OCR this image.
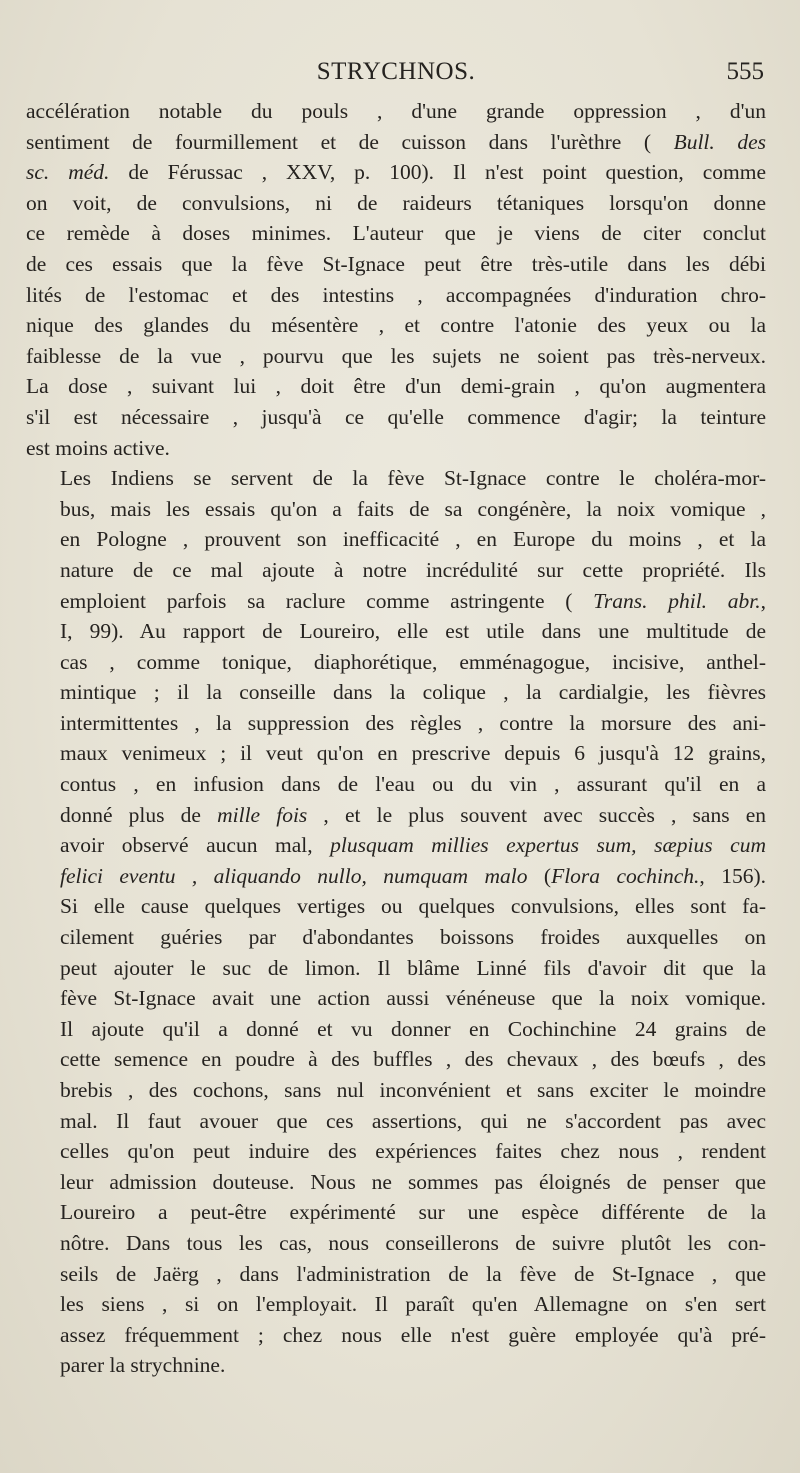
STRYCHNOS.	555

accélération notable du pouls , d'une grande oppression , d'un
sentiment de fourmillement et de cuisson dans l'urèthre ( Bull. des
sc. méd. de Férussac , XXV, p. 100). Il n'est point question, comme
on voit, de convulsions, ni de raideurs tétaniques lorsqu'on donne
ce remède à doses minimes. L'auteur que je viens de citer conclut
de ces essais que la fève St-Ignace peut être très-utile dans les débi
lités de l'estomac et des intestins , accompagnées d'induration chro-
nique des glandes du mésentère , et contre l'atonie des yeux ou la
faiblesse de la vue , pourvu que les sujets ne soient pas très-nerveux.
La dose , suivant lui , doit être d'un demi-grain , qu'on augmentera
s'il est nécessaire , jusqu'à ce qu'elle commence d'agir; la teinture
est moins active.

Les Indiens se servent de la fève St-Ignace contre le choléra-mor-
bus, mais les essais qu'on a faits de sa congénère, la noix vomique ,
en Pologne , prouvent son inefficacité , en Europe du moins , et la
nature de ce mal ajoute à notre incrédulité sur cette propriété. Ils
emploient parfois sa raclure comme astringente ( Trans. phil. abr.,
I, 99). Au rapport de Loureiro, elle est utile dans une multitude de
cas , comme tonique, diaphorétique, emménagogue, incisive, anthel-
mintique ; il la conseille dans la colique , la cardialgie, les fièvres
intermittentes , la suppression des règles , contre la morsure des ani-
maux venimeux ; il veut qu'on en prescrive depuis 6 jusqu'à 12 grains,
contus , en infusion dans de l'eau ou du vin , assurant qu'il en a
donné plus de mille fois , et le plus souvent avec succès , sans en
avoir observé aucun mal, plusquam millies expertus sum, sæpius cum
felici eventu , aliquando nullo, numquam malo (Flora cochinch., 156).
Si elle cause quelques vertiges ou quelques convulsions, elles sont fa-
cilement guéries par d'abondantes boissons froides auxquelles on
peut ajouter le suc de limon. Il blâme Linné fils d'avoir dit que la
fève St-Ignace avait une action aussi vénéneuse que la noix vomique.
Il ajoute qu'il a donné et vu donner en Cochinchine 24 grains de
cette semence en poudre à des buffles , des chevaux , des bœufs , des
brebis , des cochons, sans nul inconvénient et sans exciter le moindre
mal. Il faut avouer que ces assertions, qui ne s'accordent pas avec
celles qu'on peut induire des expériences faites chez nous , rendent
leur admission douteuse. Nous ne sommes pas éloignés de penser que
Loureiro a peut-être expérimenté sur une espèce différente de la
nôtre. Dans tous les cas, nous conseillerons de suivre plutôt les con-
seils de Jaërg , dans l'administration de la fève de St-Ignace , que
les siens , si on l'employait. Il paraît qu'en Allemagne on s'en sert
assez fréquemment ; chez nous elle n'est guère employée qu'à pré-
parer la strychnine.
